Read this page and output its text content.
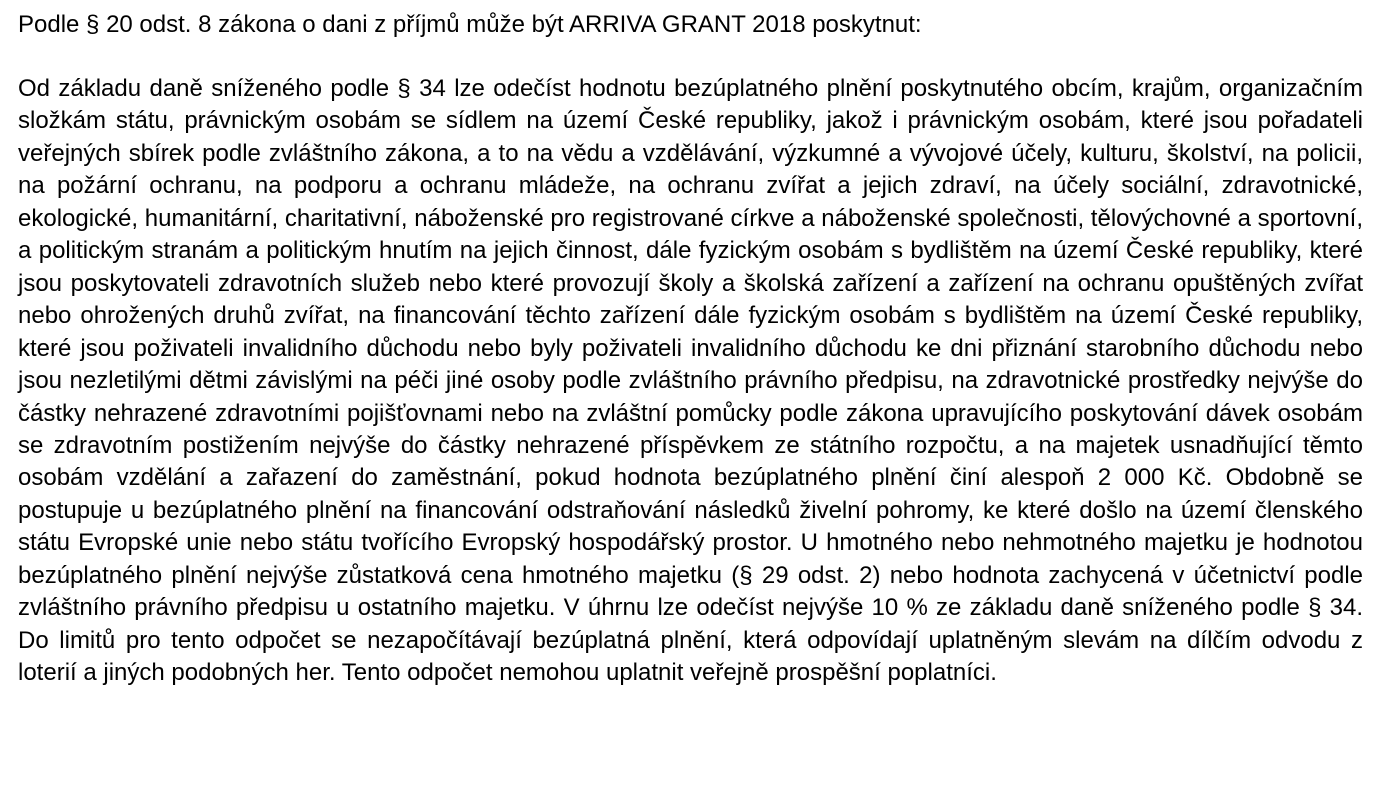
Podle § 20 odst. 8 zákona o dani z příjmů může být ARRIVA GRANT 2018 poskytnut:

Od základu daně sníženého podle § 34 lze odečíst hodnotu bezúplatného plnění poskytnutého obcím, krajům, organizačním složkám státu, právnickým osobám se sídlem na území České republiky, jakož i právnickým osobám, které jsou pořadateli veřejných sbírek podle zvláštního zákona, a to na vědu a vzdělávání, výzkumné a vývojové účely, kulturu, školství, na policii, na požární ochranu, na podporu a ochranu mládeže, na ochranu zvířat a jejich zdraví, na účely sociální, zdravotnické, ekologické, humanitární, charitativní, náboženské pro registrované církve a náboženské společnosti, tělovýchovné a sportovní, a politickým stranám a politickým hnutím na jejich činnost, dále fyzickým osobám s bydlištěm na území České republiky, které jsou poskytovateli zdravotních služeb nebo které provozují školy a školská zařízení a zařízení na ochranu opuštěných zvířat nebo ohrožených druhů zvířat, na financování těchto zařízení dále fyzickým osobám s bydlištěm na území České republiky, které jsou poživateli invalidního důchodu nebo byly poživateli invalidního důchodu ke dni přiznání starobního důchodu nebo jsou nezletilými dětmi závislými na péči jiné osoby podle zvláštního právního předpisu, na zdravotnické prostředky nejvýše do částky nehrazené zdravotními pojišťovnami nebo na zvláštní pomůcky podle zákona upravujícího poskytování dávek osobám se zdravotním postižením nejvýše do částky nehrazené příspěvkem ze státního rozpočtu, a na majetek usnadňující těmto osobám vzdělání a zařazení do zaměstnání, pokud hodnota bezúplatného plnění činí alespoň 2 000 Kč. Obdobně se postupuje u bezúplatného plnění na financování odstraňování následků živelní pohromy, ke které došlo na území členského státu Evropské unie nebo státu tvořícího Evropský hospodářský prostor. U hmotného nebo nehmotného majetku je hodnotou bezúplatného plnění nejvýše zůstatková cena hmotného majetku (§ 29 odst. 2) nebo hodnota zachycená v účetnictví podle zvláštního právního předpisu u ostatního majetku. V úhrnu lze odečíst nejvýše 10 % ze základu daně sníženého podle § 34. Do limitů pro tento odpočet se nezapočítávají bezúplatná plnění, která odpovídají uplatněným slevám na dílčím odvodu z loterií a jiných podobných her. Tento odpočet nemohou uplatnit veřejně prospěšní poplatníci.
